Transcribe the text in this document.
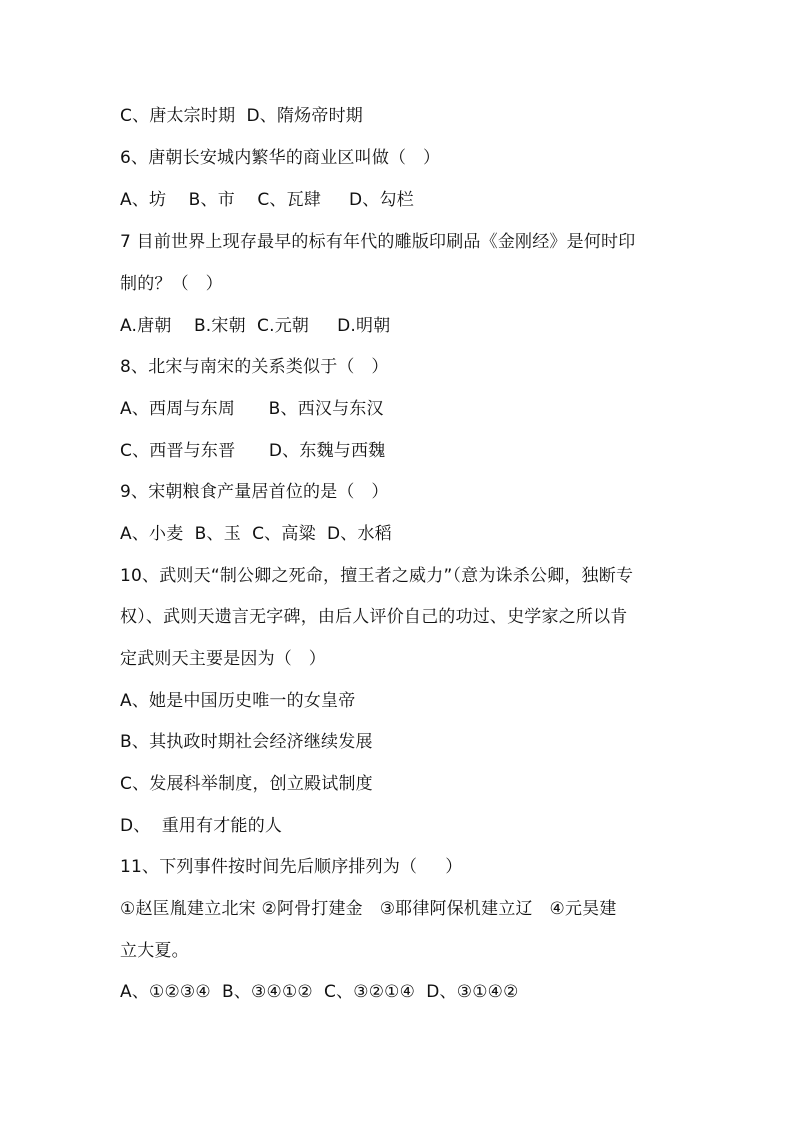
C、唐太宗时期  D、隋炀帝时期
6、唐朝长安城内繁华的商业区叫做（   ）
A、坊    B、市    C、瓦肆     D、勾栏
7 目前世界上现存最早的标有年代的雕版印刷品《金刚经》是何时印
制的？（   ）
A.唐朝    B.宋朝  C.元朝     D.明朝
8、北宋与南宋的关系类似于（   ）
A、西周与东周      B、西汉与东汉
C、西晋与东晋      D、东魏与西魏
9、宋朝粮食产量居首位的是（   ）
A、小麦  B、玉  C、高粱  D、水稻
10、武则天“制公卿之死命，擅王者之威力”（意为诛杀公卿，独断专
权）、武则天遗言无字碑，由后人评价自己的功过、史学家之所以肯
定武则天主要是因为（   ）
A、她是中国历史唯一的女皇帝
B、其执政时期社会经济继续发展
C、发展科举制度，创立殿试制度
D、  重用有才能的人
11、下列事件按时间先后顺序排列为（     ）
①赵匡胤建立北宋 ②阿骨打建金   ③耶律阿保机建立辽   ④元昊建
立大夏。
A、①②③④  B、③④①②  C、③②①④  D、③①④②
